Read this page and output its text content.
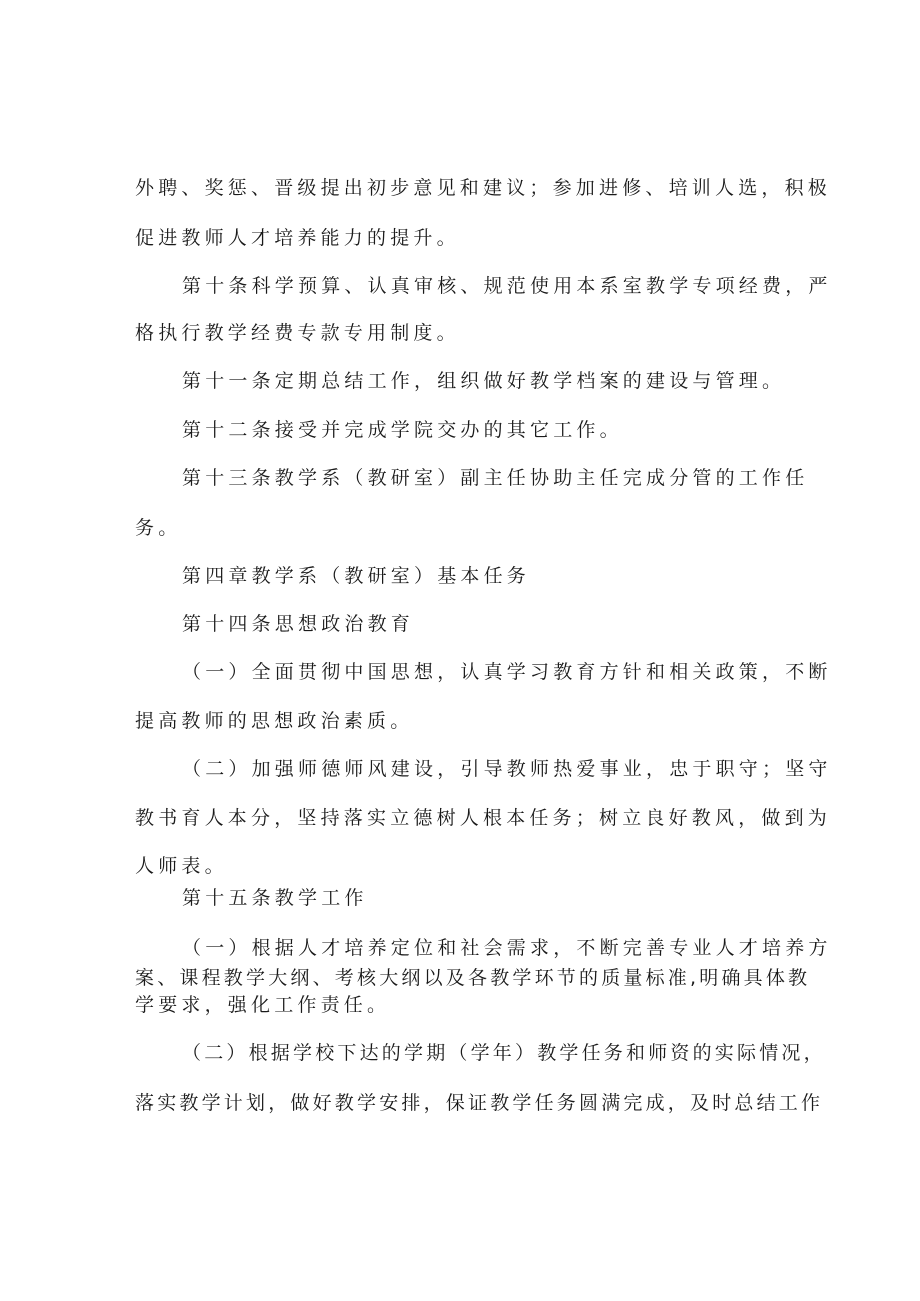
外聘、奖惩、晋级提出初步意见和建议；参加进修、培训人选，积极
促进教师人才培养能力的提升。
第十条科学预算、认真审核、规范使用本系室教学专项经费，严
格执行教学经费专款专用制度。
第十一条定期总结工作，组织做好教学档案的建设与管理。
第十二条接受并完成学院交办的其它工作。
第十三条教学系（教研室）副主任协助主任完成分管的工作任
务。
第四章教学系（教研室）基本任务
第十四条思想政治教育
（一）全面贯彻中国思想，认真学习教育方针和相关政策，不断
提高教师的思想政治素质。
（二）加强师德师风建设，引导教师热爱事业，忠于职守；坚守
教书育人本分，坚持落实立德树人根本任务；树立良好教风，做到为
人师表。
第十五条教学工作
（一）根据人才培养定位和社会需求，不断完善专业人才培养方
案、课程教学大纲、考核大纲以及各教学环节的质量标准,明确具体教
学要求，强化工作责任。
（二）根据学校下达的学期（学年）教学任务和师资的实际情况，
落实教学计划，做好教学安排，保证教学任务圆满完成，及时总结工作
